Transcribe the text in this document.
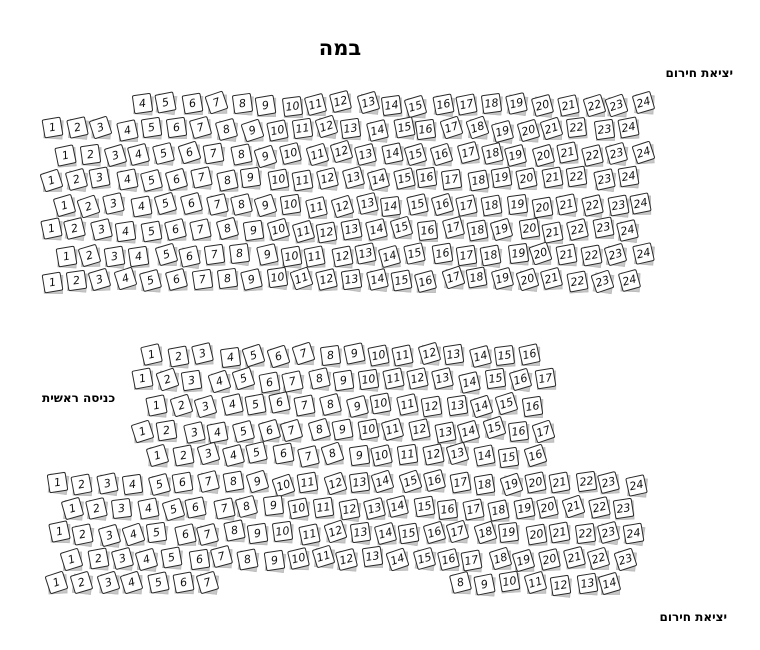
במה
יציאת חירום
כניסה ראשית
יציאת חירום
4	5	6	7	8	9	10 11 12 13 14 15 16 17 18 19 20 21 22 23 24
1	2	3	4	5	6	7	8	9	10 11 12 13 14 15 16 17 18 19 20 21 22 23 24
1	2	3	4	5	6	7	8	9	10 11 12 13 14 15 16 17 18 19 20 21 22 23 24
1	2	3	4	5	6	7	8	9	10 11 12 13 14 15 16 17 18 19 20 21 22 23 24
1	2	3	4	5	6	7	8	9	10 11 12 13 14 15 16 17 18 19 20 21 22 23 24
1	2	3	4	5	6	7	8	9	10 11 12 13 14 15 16 17 18 19 20 21 22 23 24
1	2	3	4	5	6	7	8	9	10 11 12 13 14 15 16 17 18 19 20 21 22 23 24
1	2	3	4	5	6	7	8	9	10 11 12 13 14 15 16 17 18 19 20 21 22 23 24
1	2	3	4	5	6	7	8	9 10 11 12 13 14 15 16
1	2	3	4	5	6	7	8	9	10 11 12 13 14 15 16 17
1	2	3	4	5	6	7	8	9 10 11 12 13 14 15 16
1	2	3	4	5	6	7	8	9	10 11 12 13 14 15 16 17
1	2	3	4	5	6	7	8	9 10 11 12 13 14 15 16
1	2	3	4	5	6	7	8	9	10 11	12 13 14 15 16 17 18 19 20 21 22 23 24
1	2	3	4	5	6	7	8	9	10 11 12 13 14 15 16 17 18 19 20 21 22 23
1	2	3	4	5	6	7	8	9	10 11 12 13 14 15 16 17 18 19 20 21 22 23 24
1	2	3	4	5	6	7	8	9	10 11 12 13 14 15 16 17 18 19 20 21 22 23
1	2	3	4	5	6	7	8	9	10 11 12 13 14
